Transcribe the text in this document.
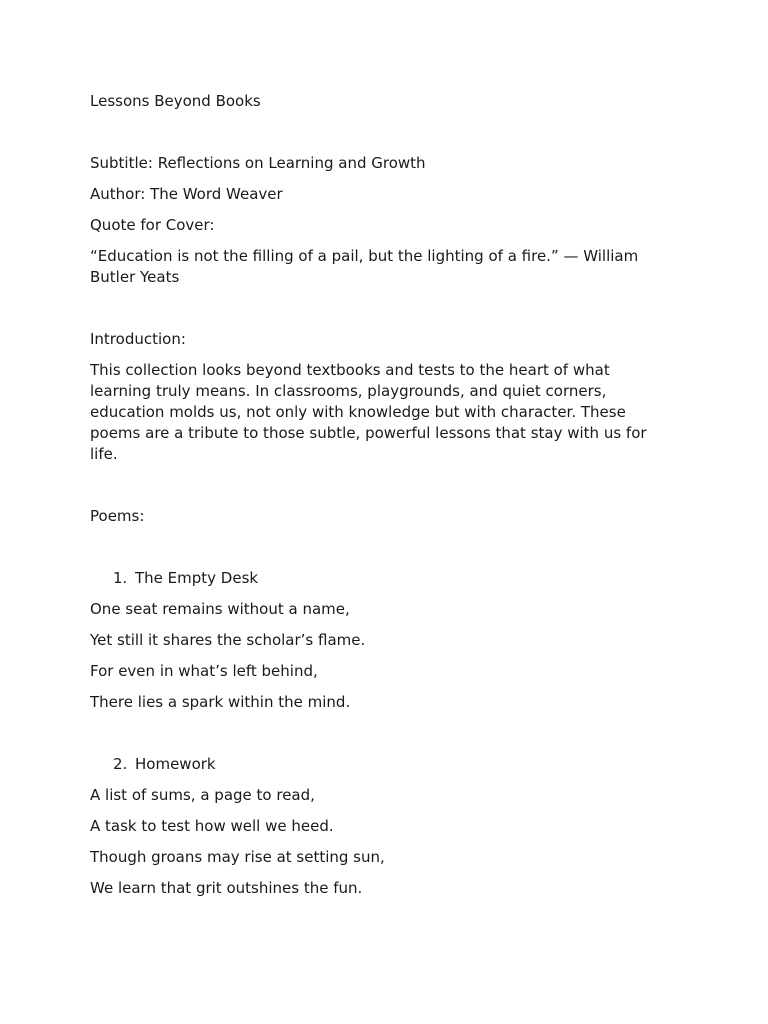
Lessons Beyond Books

Subtitle: Reflections on Learning and Growth

Author: The Word Weaver

Quote for Cover:

“Education is not the filling of a pail, but the lighting of a fire.” — William Butler Yeats

Introduction:

This collection looks beyond textbooks and tests to the heart of what learning truly means. In classrooms, playgrounds, and quiet corners, education molds us, not only with knowledge but with character. These poems are a tribute to those subtle, powerful lessons that stay with us for life.

Poems:

1. The Empty Desk

One seat remains without a name,

Yet still it shares the scholar’s flame.

For even in what’s left behind,

There lies a spark within the mind.

2. Homework

A list of sums, a page to read,

A task to test how well we heed.

Though groans may rise at setting sun,

We learn that grit outshines the fun.
